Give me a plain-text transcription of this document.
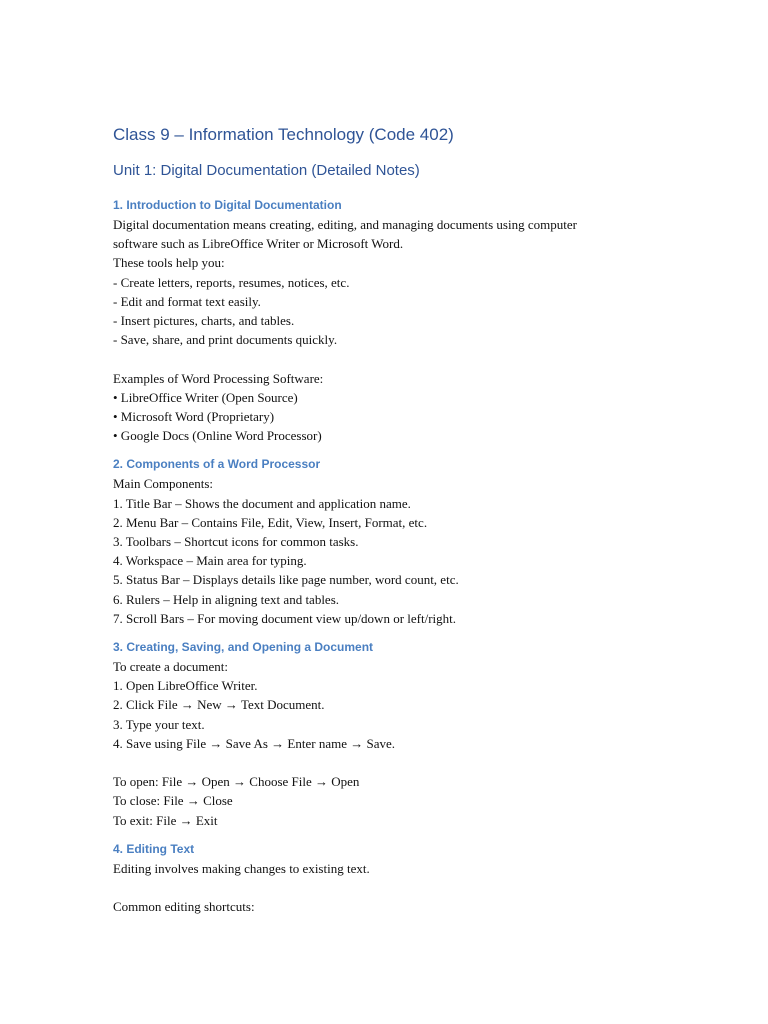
Class 9 – Information Technology (Code 402)
Unit 1: Digital Documentation (Detailed Notes)
1. Introduction to Digital Documentation

Digital documentation means creating, editing, and managing documents using computer

software such as LibreOffice Writer or Microsoft Word.

These tools help you:

- Create letters, reports, resumes, notices, etc.

- Edit and format text easily.

- Insert pictures, charts, and tables.

- Save, share, and print documents quickly.

Examples of Word Processing Software:

• LibreOffice Writer (Open Source)

• Microsoft Word (Proprietary)

• Google Docs (Online Word Processor)

2. Components of a Word Processor

Main Components:

1. Title Bar – Shows the document and application name.

2. Menu Bar – Contains File, Edit, View, Insert, Format, etc.

3. Toolbars – Shortcut icons for common tasks.

4. Workspace – Main area for typing.

5. Status Bar – Displays details like page number, word count, etc.

6. Rulers – Help in aligning text and tables.

7. Scroll Bars – For moving document view up/down or left/right.

3. Creating, Saving, and Opening a Document

To create a document:

1. Open LibreOffice Writer.

2. Click File → New → Text Document.

3. Type your text.

4. Save using File → Save As → Enter name → Save.

To open: File → Open → Choose File → Open

To close: File → Close

To exit: File → Exit

4. Editing Text

Editing involves making changes to existing text.

Common editing shortcuts:
